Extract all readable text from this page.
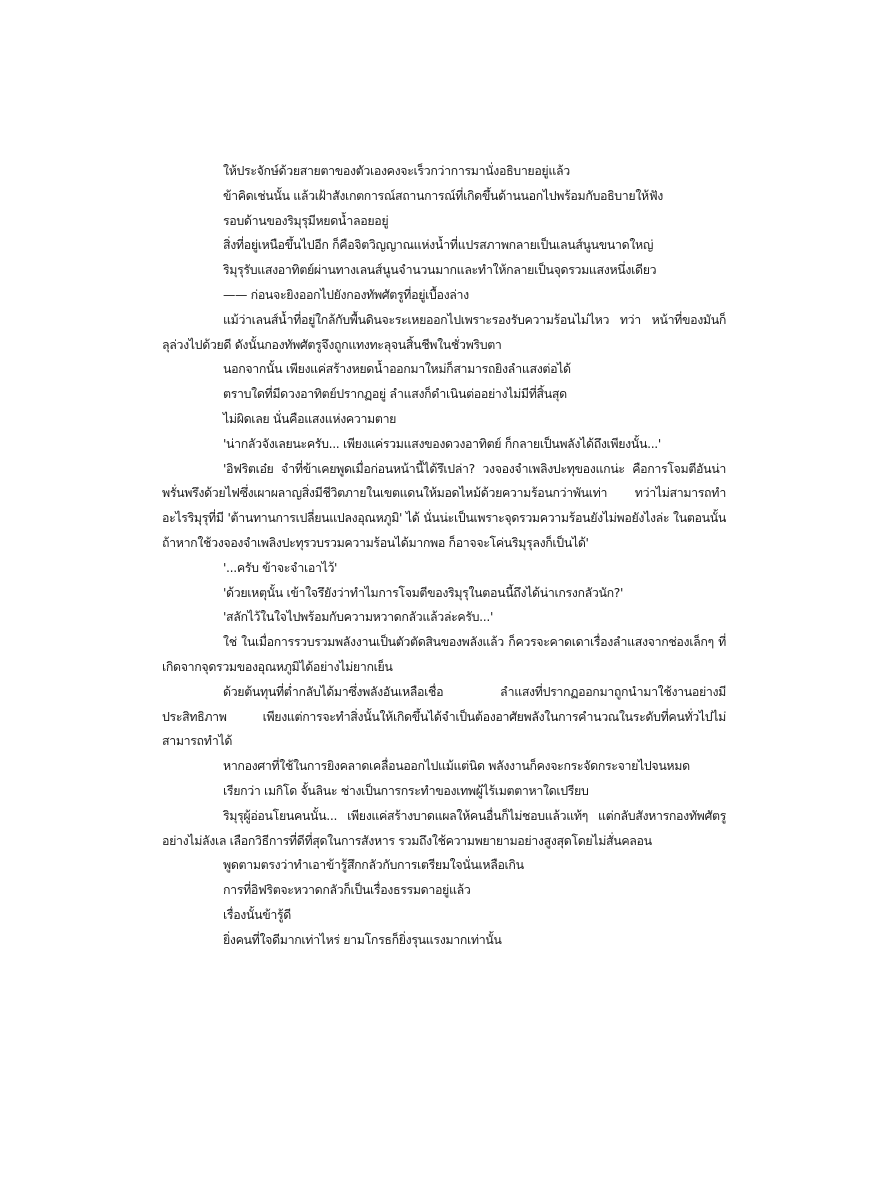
ให้ประจักษ์ด้วยสายตาของตัวเองคงจะเร็วกว่าการมานั่งอธิบายอยู่แล้ว

ข้าคิดเช่นนั้น แล้วเฝ้าสังเกตการณ์สถานการณ์ที่เกิดขึ้นด้านนอกไปพร้อมกับอธิบายให้ฟัง

รอบด้านของริมุรุมีหยดน้ำลอยอยู่

สิ่งที่อยู่เหนือขึ้นไปอีก ก็คือจิตวิญญาณแห่งน้ำที่แปรสภาพกลายเป็นเลนส์นูนขนาดใหญ่

ริมุรุรับแสงอาทิตย์ผ่านทางเลนส์นูนจำนวนมากและทำให้กลายเป็นจุดรวมแสงหนึ่งเดียว

—— ก่อนจะยิงออกไปยังกองทัพศัตรูที่อยู่เบื้องล่าง

แม้ว่าเลนส์น้ำที่อยู่ใกล้กับพื้นดินจะระเหยออกไปเพราะรองรับความร้อนไม่ไหว ทว่า หน้าที่ของมันก็ลุล่วงไปด้วยดี ดังนั้นกองทัพศัตรูจึงถูกแทงทะลุจนสิ้นชีพในชั่วพริบตา

นอกจากนั้น เพียงแค่สร้างหยดน้ำออกมาใหม่ก็สามารถยิงลำแสงต่อได้

ตราบใดที่มีดวงอาทิตย์ปรากฏอยู่ ลำแสงก็ดำเนินต่ออย่างไม่มีที่สิ้นสุด

ไม่ผิดเลย นั่นคือแสงแห่งความตาย

'น่ากลัวจังเลยนะครับ... เพียงแค่รวมแสงของดวงอาทิตย์ ก็กลายเป็นพลังได้ถึงเพียงนั้น...'

'อิฟริตเอ๋ย จำที่ข้าเคยพูดเมื่อก่อนหน้านี้ได้รึเปล่า? วงจองจำเพลิงปะทุของแกน่ะ คือการโจมตีอันน่าพรั่นพรึงด้วยไฟซึ่งเผาผลาญสิ่งมีชีวิตภายในเขตแดนให้มอดไหม้ด้วยความร้อนกว่าพันเท่า ทว่าไม่สามารถทำอะไรริมุรุที่มี 'ต้านทานการเปลี่ยนแปลงอุณหภูมิ' ได้ นั่นน่ะเป็นเพราะจุดรวมความร้อนยังไม่พอยังไงล่ะ ในตอนนั้นถ้าหากใช้วงจองจำเพลิงปะทุรวบรวมความร้อนได้มากพอ ก็อาจจะโค่นริมุรุลงก็เป็นได้'

'...ครับ ข้าจะจำเอาไว้'

'ด้วยเหตุนั้น เข้าใจรึยังว่าทำไมการโจมตีของริมุรุในตอนนี้ถึงได้น่าเกรงกลัวนัก?'

'สลักไว้ในใจไปพร้อมกับความหวาดกลัวแล้วล่ะครับ...'

ใช่ ในเมื่อการรวบรวมพลังงานเป็นตัวตัดสินของพลังแล้ว ก็ควรจะคาดเดาเรื่องลำแสงจากช่องเล็กๆ ที่เกิดจากจุดรวมของอุณหภูมิได้อย่างไม่ยากเย็น

ด้วยต้นทุนที่ต่ำกลับได้มาซึ่งพลังอันเหลือเชื่อ ลำแสงที่ปรากฏออกมาถูกนำมาใช้งานอย่างมีประสิทธิภาพ เพียงแต่การจะทำสิ่งนั้นให้เกิดขึ้นได้จำเป็นต้องอาศัยพลังในการคำนวณในระดับที่คนทั่วไปไม่สามารถทำได้

หากองศาที่ใช้ในการยิงคลาดเคลื่อนออกไปแม้แต่นิด พลังงานก็คงจะกระจัดกระจายไปจนหมด

เรียกว่า เมกิโด จั้นลินะ ช่างเป็นการกระทำของเทพผู้ไร้เมตตาหาใดเปรียบ

ริมุรุผู้อ่อนโยนคนนั้น... เพียงแค่สร้างบาดแผลให้คนอื่นก็ไม่ชอบแล้วแท้ๆ แต่กลับสังหารกองทัพศัตรูอย่างไม่ลังเล เลือกวิธีการที่ดีที่สุดในการสังหาร รวมถึงใช้ความพยายามอย่างสูงสุดโดยไม่สั่นคลอน

พูดตามตรงว่าทำเอาข้ารู้สึกกลัวกับการเตรียมใจนั่นเหลือเกิน

การที่อิฟริตจะหวาดกลัวก็เป็นเรื่องธรรมดาอยู่แล้ว

เรื่องนั้นข้ารู้ดี

ยิ่งคนที่ใจดีมากเท่าไหร่ ยามโกรธก็ยิ่งรุนแรงมากเท่านั้น
